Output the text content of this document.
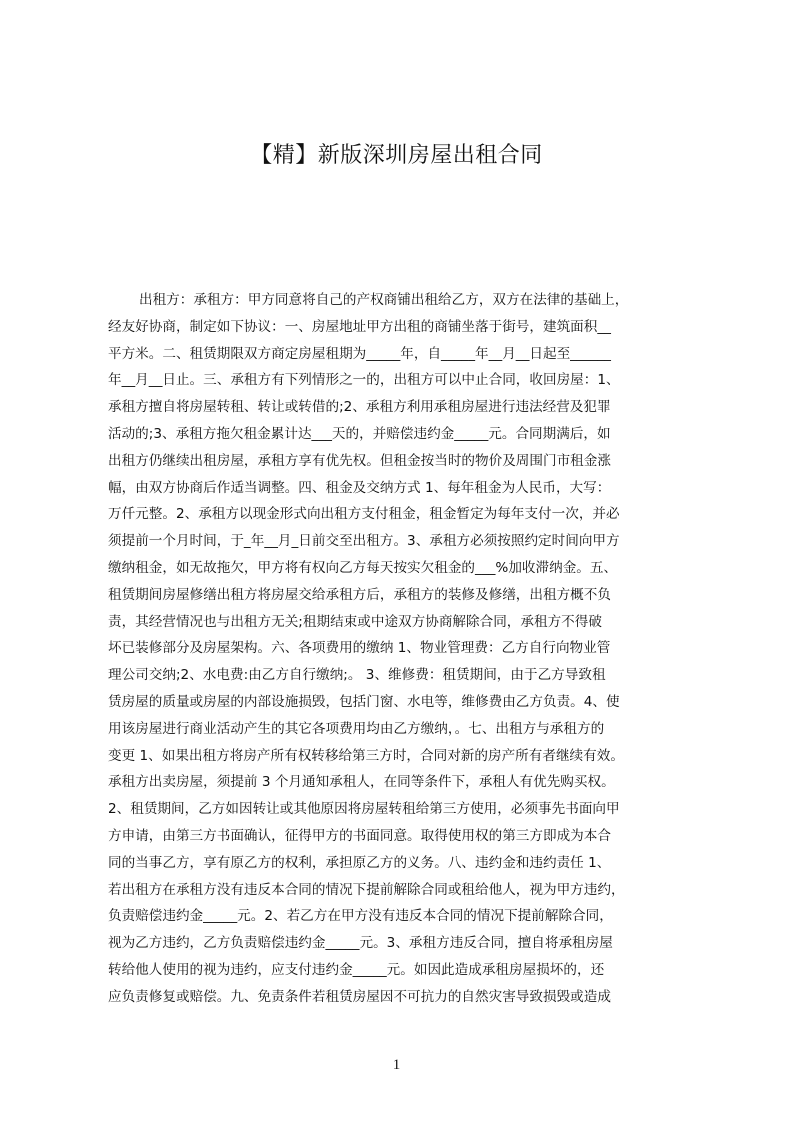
【精】新版深圳房屋出租合同
出租方：承租方：甲方同意将自己的产权商铺出租给乙方，双方在法律的基础上，
经友好协商，制定如下协议：一、房屋地址甲方出租的商铺坐落于街号，建筑面积__
平方米。二、租赁期限双方商定房屋租期为_____年，自_____年__月__日起至______
年__月__日止。三、承租方有下列情形之一的，出租方可以中止合同，收回房屋：1、
承租方擅自将房屋转租、转让或转借的;2、承租方利用承租房屋进行违法经营及犯罪
活动的;3、承租方拖欠租金累计达___天的，并赔偿违约金_____元。合同期满后，如
出租方仍继续出租房屋，承租方享有优先权。但租金按当时的物价及周围门市租金涨
幅，由双方协商后作适当调整。四、租金及交纳方式 1、每年租金为人民币，大写：
万仟元整。2、承租方以现金形式向出租方支付租金，租金暂定为每年支付一次，并必
须提前一个月时间，于_年__月_日前交至出租方。3、承租方必须按照约定时间向甲方
缴纳租金，如无故拖欠，甲方将有权向乙方每天按实欠租金的___%加收滞纳金。五、
租赁期间房屋修缮出租方将房屋交给承租方后，承租方的装修及修缮，出租方概不负
责，其经营情况也与出租方无关;租期结束或中途双方协商解除合同，承租方不得破
坏已装修部分及房屋架构。六、各项费用的缴纳 1、物业管理费：乙方自行向物业管
理公司交纳;2、水电费:由乙方自行缴纳;。 3、维修费：租赁期间，由于乙方导致租
赁房屋的质量或房屋的内部设施损毁，包括门窗、水电等，维修费由乙方负责。4、使
用该房屋进行商业活动产生的其它各项费用均由乙方缴纳，。七、出租方与承租方的
变更 1、如果出租方将房产所有权转移给第三方时，合同对新的房产所有者继续有效。
承租方出卖房屋，须提前 3 个月通知承租人，在同等条件下，承租人有优先购买权。
2、租赁期间，乙方如因转让或其他原因将房屋转租给第三方使用，必须事先书面向甲
方申请，由第三方书面确认，征得甲方的书面同意。取得使用权的第三方即成为本合
同的当事乙方，享有原乙方的权利，承担原乙方的义务。八、违约金和违约责任 1、
若出租方在承租方没有违反本合同的情况下提前解除合同或租给他人，视为甲方违约，
负责赔偿违约金_____元。2、若乙方在甲方没有违反本合同的情况下提前解除合同，
视为乙方违约，乙方负责赔偿违约金_____元。3、承租方违反合同，擅自将承租房屋
转给他人使用的视为违约，应支付违约金_____元。如因此造成承租房屋损坏的，还
应负责修复或赔偿。九、免责条件若租赁房屋因不可抗力的自然灾害导致损毁或造成
1
